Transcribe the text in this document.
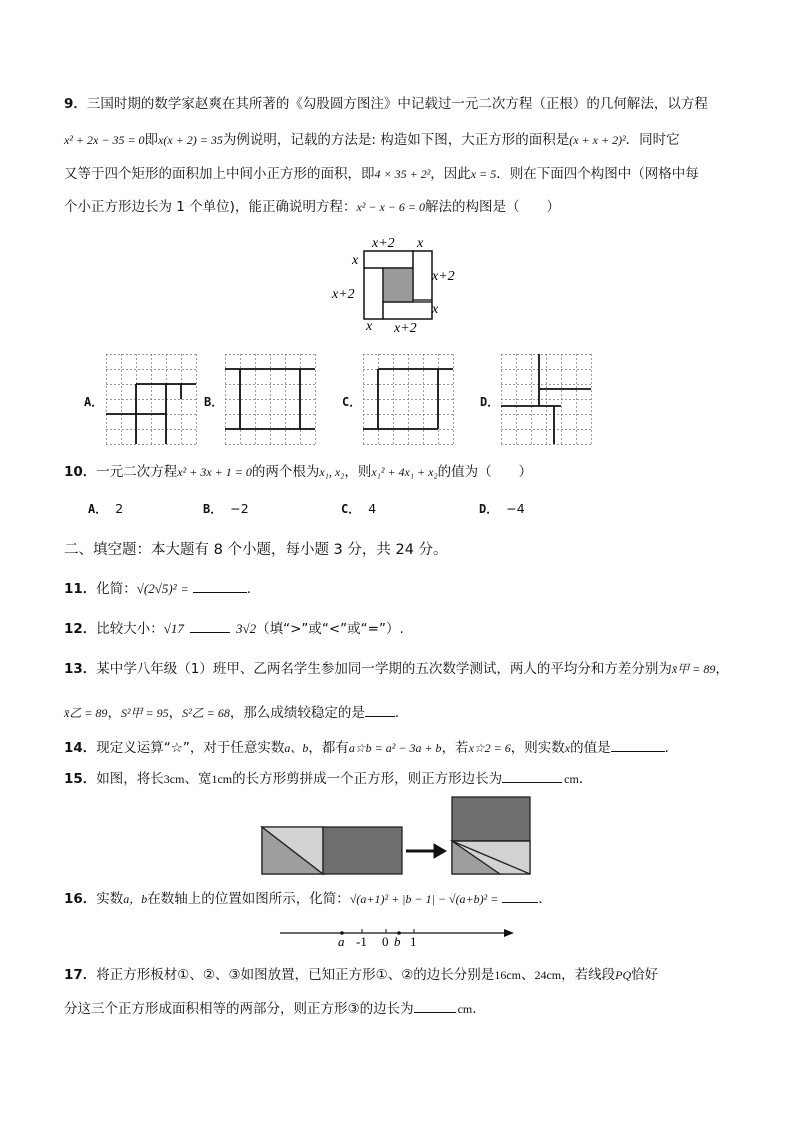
9．三国时期的数学家赵爽在其所著的《勾股圆方图注》中记载过一元二次方程（正根）的几何解法，以方程
x² + 2x − 35 = 0即x(x + 2) = 35为例说明，记载的方法是: 构造如下图，大正方形的面积是(x + x + 2)²．同时它
又等于四个矩形的面积加上中间小正方形的面积，即4 × 35 + 2²，因此x = 5．则在下面四个构图中（网格中每
个小正方形边长为 1 个单位)，能正确说明方程：x² − x − 6 = 0解法的构图是（　　）
x+2 x
x
x+2
x+2
x
x x+2
A．	B．	C．	D．
10．一元二次方程x² + 3x + 1 = 0的两个根为x₁, x₂，则x₁² + 4x₁ + x₂的值为（　　）
A． 2	B． −2	C． 4	D． −4
二、填空题：本大题有 8 个小题，每小题 3 分，共 24 分。
11．化简：√(2√5)² =	．
12．比较大小：√17	3√2（填“>”或“<”或“=”）.
13．某中学八年级（1）班甲、乙两名学生参加同一学期的五次数学测试，两人的平均分和方差分别为x̄甲 = 89，
x̄乙 = 89，S²甲 = 95，S²乙 = 68，那么成绩较稳定的是 ．
14．现定义运算“☆”，对于任意实数a、b，都有a☆b = a² − 3a + b，若x☆2 = 6，则实数x的值是	．
15．如图，将长3cm、宽1cm的长方形剪拼成一个正方形，则正方形边长为	cm．
16．实数a，b在数轴上的位置如图所示，化简：√(a+1)² + |b − 1| − √(a+b)² =	．
a -1 0 b 1
17．将正方形板材①、②、③如图放置，已知正方形①、②的边长分别是16cm、24cm，若线段PQ恰好
分这三个正方形成面积相等的两部分，则正方形③的边长为	cm．
